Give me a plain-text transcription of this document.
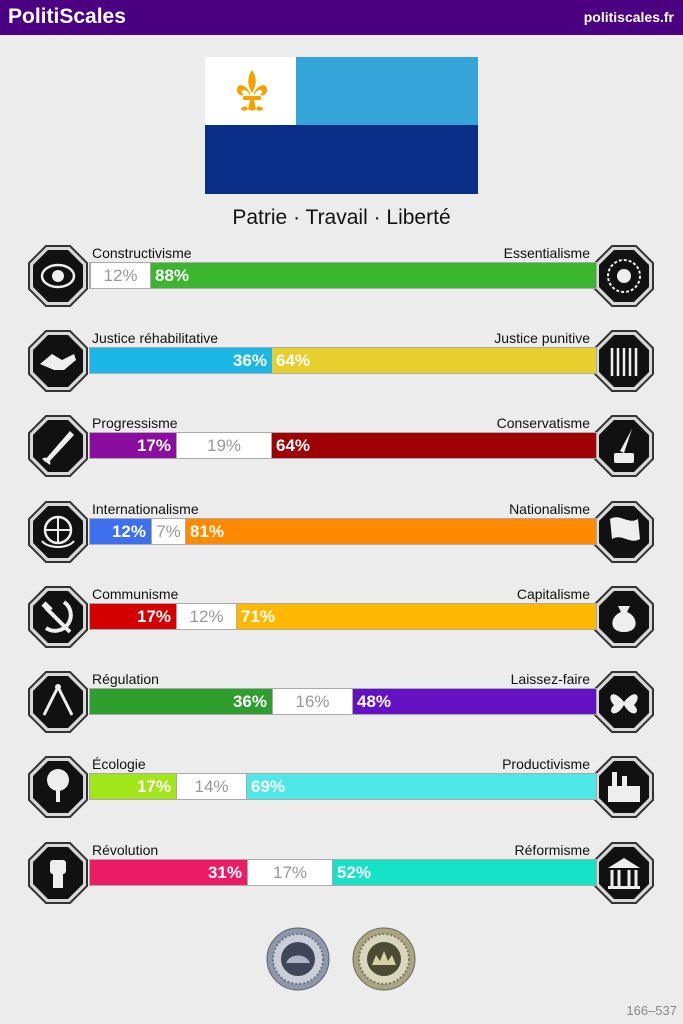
PolitiScales	politiscales.fr
Patrie · Travail · Liberté
Constructivisme	Essentialisme
12%	88%
Justice réhabilitative	Justice punitive
36% 64%
Progressisme	Conservatisme
17%	19%	64%
Internationalisme	Nationalisme
12% 7% 81%
Communisme	Capitalisme
17%	12%	71%
Régulation	Laissez-faire
36%	16%	48%
Écologie	Productivisme
17%	14%	69%
Révolution	Réformisme
31%	17%	52%
166–537
